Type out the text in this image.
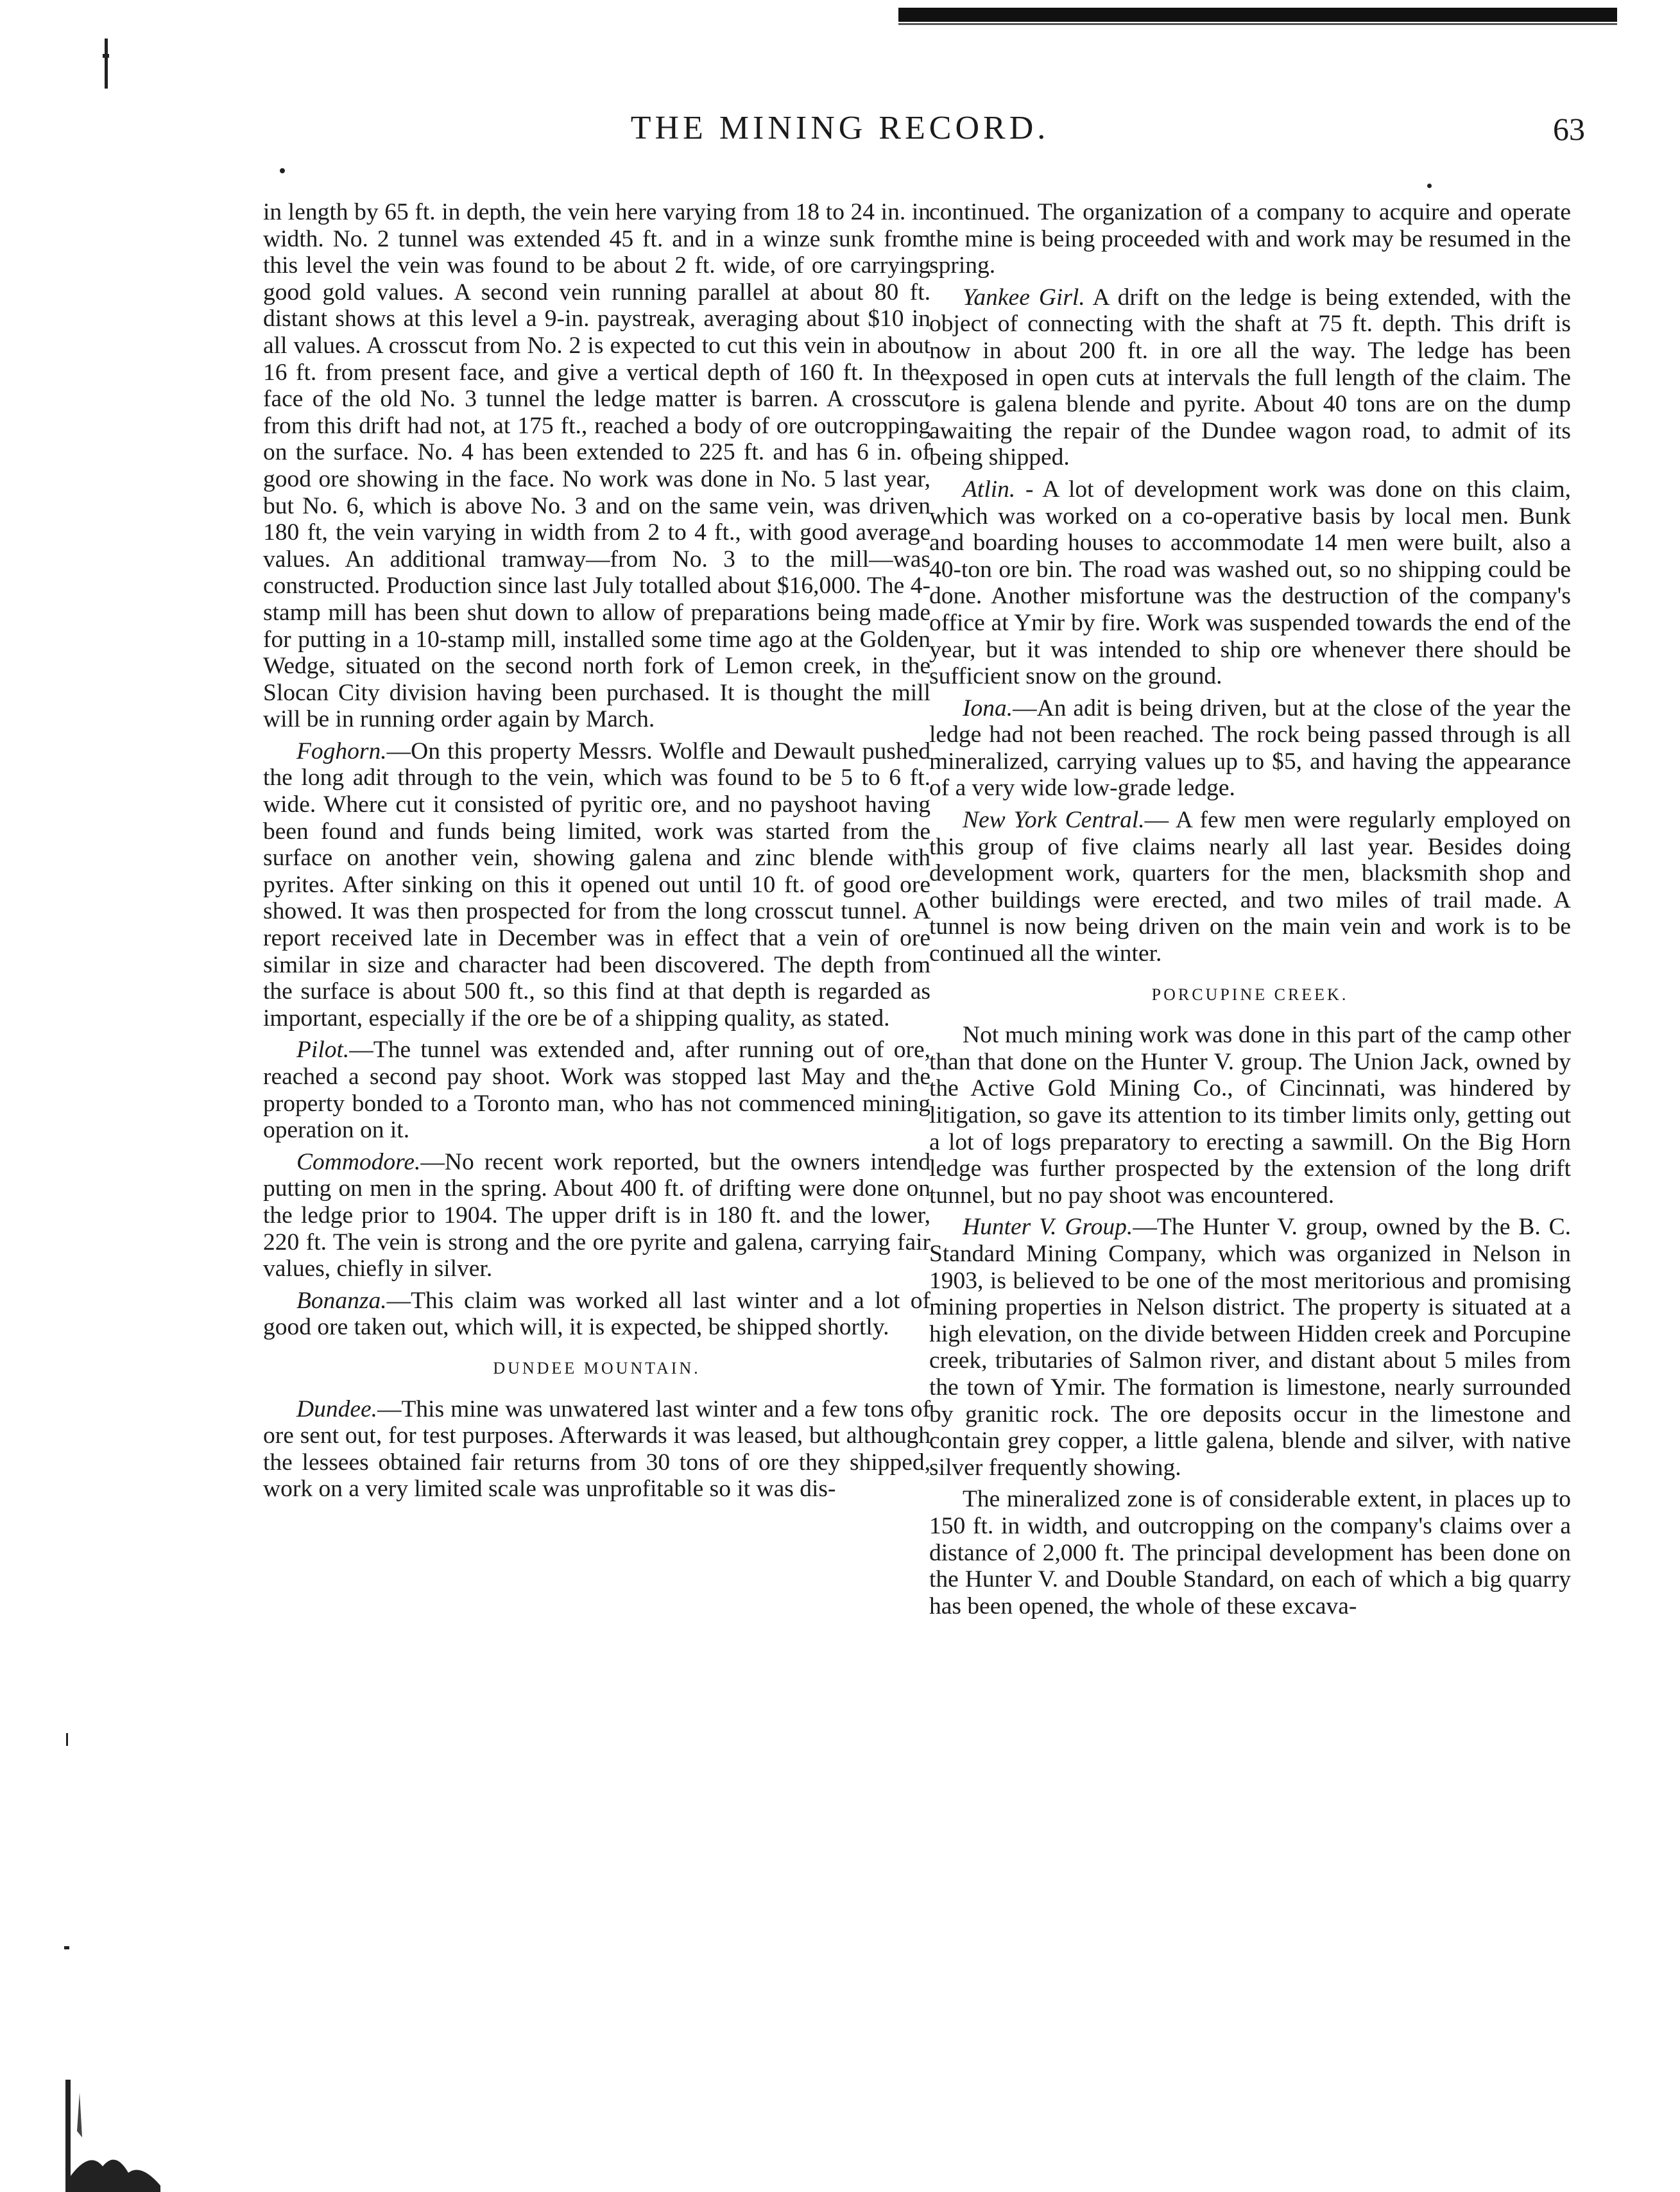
THE MINING RECORD.	63

in length by 65 ft. in depth, the vein here varying from 18 to 24 in. in width. No. 2 tunnel was extended 45 ft. and in a winze sunk from this level the vein was found to be about 2 ft. wide, of ore carrying good gold values. A second vein running parallel at about 80 ft. distant shows at this level a 9-in. paystreak, averaging about $10 in all values. A crosscut from No. 2 is expected to cut this vein in about 16 ft. from present face, and give a vertical depth of 160 ft. In the face of the old No. 3 tunnel the ledge matter is barren. A crosscut from this drift had not, at 175 ft., reached a body of ore outcropping on the surface. No. 4 has been extended to 225 ft. and has 6 in. of good ore showing in the face. No work was done in No. 5 last year, but No. 6, which is above No. 3 and on the same vein, was driven 180 ft, the vein varying in width from 2 to 4 ft., with good average values. An additional tramway—from No. 3 to the mill—was constructed. Production since last July totalled about $16,000. The 4-stamp mill has been shut down to allow of preparations being made for putting in a 10-stamp mill, installed some time ago at the Golden Wedge, situated on the second north fork of Lemon creek, in the Slocan City division having been purchased. It is thought the mill will be in running order again by March.

Foghorn.—On this property Messrs. Wolfle and Dewault pushed the long adit through to the vein, which was found to be 5 to 6 ft. wide. Where cut it consisted of pyritic ore, and no payshoot having been found and funds being limited, work was started from the surface on another vein, showing galena and zinc blende with pyrites. After sinking on this it opened out until 10 ft. of good ore showed. It was then prospected for from the long crosscut tunnel. A report received late in December was in effect that a vein of ore similar in size and character had been discovered. The depth from the surface is about 500 ft., so this find at that depth is regarded as important, especially if the ore be of a shipping quality, as stated.

Pilot.—The tunnel was extended and, after running out of ore, reached a second pay shoot. Work was stopped last May and the property bonded to a Toronto man, who has not commenced mining operation on it.

Commodore.—No recent work reported, but the owners intend putting on men in the spring. About 400 ft. of drifting were done on the ledge prior to 1904. The upper drift is in 180 ft. and the lower, 220 ft. The vein is strong and the ore pyrite and galena, carrying fair values, chiefly in silver.

Bonanza.—This claim was worked all last winter and a lot of good ore taken out, which will, it is expected, be shipped shortly.

DUNDEE MOUNTAIN.

Dundee.—This mine was unwatered last winter and a few tons of ore sent out, for test purposes. Afterwards it was leased, but although the lessees obtained fair returns from 30 tons of ore they shipped, work on a very limited scale was unprofitable so it was dis-

continued. The organization of a company to acquire and operate the mine is being proceeded with and work may be resumed in the spring.

Yankee Girl. A drift on the ledge is being extended, with the object of connecting with the shaft at 75 ft. depth. This drift is now in about 200 ft. in ore all the way. The ledge has been exposed in open cuts at intervals the full length of the claim. The ore is galena blende and pyrite. About 40 tons are on the dump awaiting the repair of the Dundee wagon road, to admit of its being shipped.

Atlin. - A lot of development work was done on this claim, which was worked on a co-operative basis by local men. Bunk and boarding houses to accommodate 14 men were built, also a 40-ton ore bin. The road was washed out, so no shipping could be done. Another misfortune was the destruction of the company's office at Ymir by fire. Work was suspended towards the end of the year, but it was intended to ship ore whenever there should be sufficient snow on the ground.

Iona.—An adit is being driven, but at the close of the year the ledge had not been reached. The rock being passed through is all mineralized, carrying values up to $5, and having the appearance of a very wide low-grade ledge.

New York Central.— A few men were regularly employed on this group of five claims nearly all last year. Besides doing development work, quarters for the men, blacksmith shop and other buildings were erected, and two miles of trail made. A tunnel is now being driven on the main vein and work is to be continued all the winter.

PORCUPINE CREEK.

Not much mining work was done in this part of the camp other than that done on the Hunter V. group. The Union Jack, owned by the Active Gold Mining Co., of Cincinnati, was hindered by litigation, so gave its attention to its timber limits only, getting out a lot of logs preparatory to erecting a sawmill. On the Big Horn ledge was further prospected by the extension of the long drift tunnel, but no pay shoot was encountered.

Hunter V. Group.—The Hunter V. group, owned by the B. C. Standard Mining Company, which was organized in Nelson in 1903, is believed to be one of the most meritorious and promising mining properties in Nelson district. The property is situated at a high elevation, on the divide between Hidden creek and Porcupine creek, tributaries of Salmon river, and distant about 5 miles from the town of Ymir. The formation is limestone, nearly surrounded by granitic rock. The ore deposits occur in the limestone and contain grey copper, a little galena, blende and silver, with native silver frequently showing.

The mineralized zone is of considerable extent, in places up to 150 ft. in width, and outcropping on the company's claims over a distance of 2,000 ft. The principal development has been done on the Hunter V. and Double Standard, on each of which a big quarry has been opened, the whole of these excava-
